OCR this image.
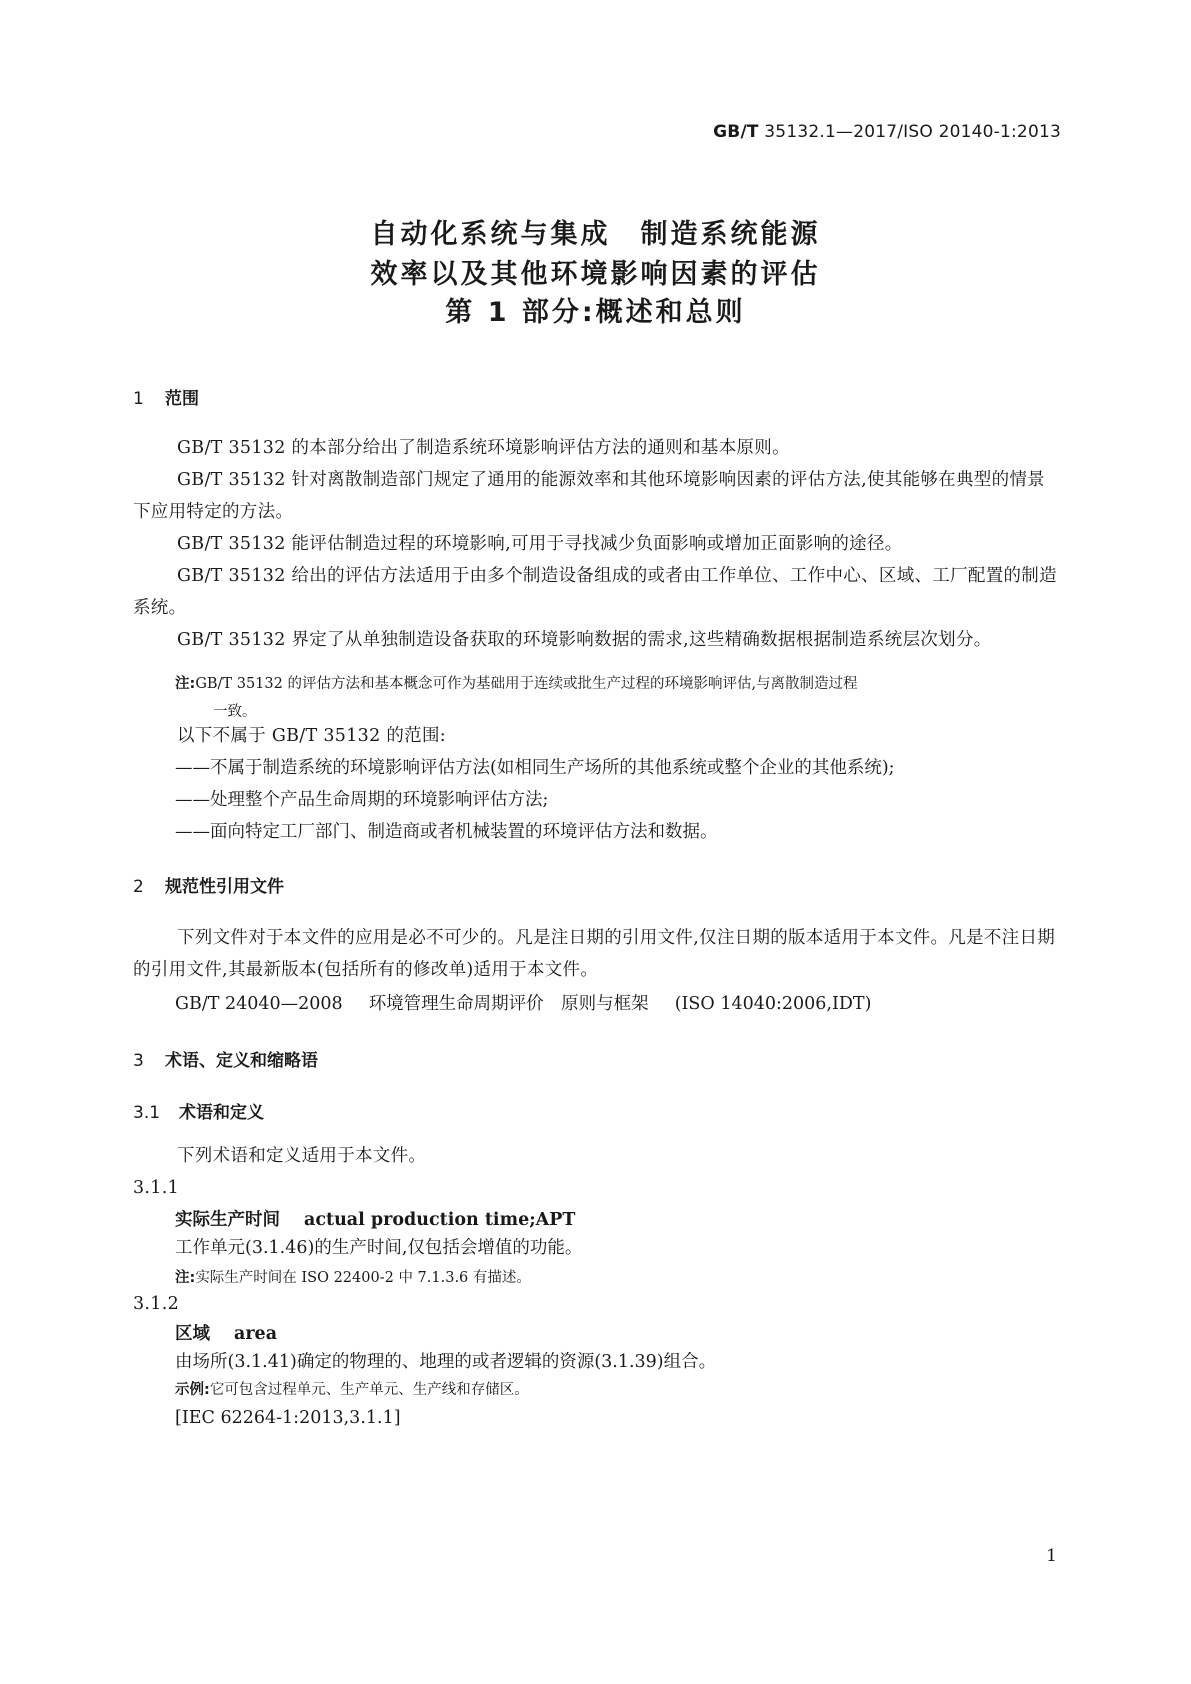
GB/T 35132.1—2017/ISO 20140-1:2013
自动化系统与集成　制造系统能源
效率以及其他环境影响因素的评估
第 1 部分:概述和总则
1 范围
GB/T 35132 的本部分给出了制造系统环境影响评估方法的通则和基本原则。
GB/T 35132 针对离散制造部门规定了通用的能源效率和其他环境影响因素的评估方法,使其能够在典型的情景下应用特定的方法。
GB/T 35132 能评估制造过程的环境影响,可用于寻找减少负面影响或增加正面影响的途径。
GB/T 35132 给出的评估方法适用于由多个制造设备组成的或者由工作单位、工作中心、区域、工厂配置的制造系统。
GB/T 35132 界定了从单独制造设备获取的环境影响数据的需求,这些精确数据根据制造系统层次划分。
注:GB/T 35132 的评估方法和基本概念可作为基础用于连续或批生产过程的环境影响评估,与离散制造过程
一致。
以下不属于 GB/T 35132 的范围:
——不属于制造系统的环境影响评估方法(如相同生产场所的其他系统或整个企业的其他系统);
——处理整个产品生命周期的环境影响评估方法;
——面向特定工厂部门、制造商或者机械装置的环境评估方法和数据。
2 规范性引用文件
下列文件对于本文件的应用是必不可少的。凡是注日期的引用文件,仅注日期的版本适用于本文件。凡是不注日期的引用文件,其最新版本(包括所有的修改单)适用于本文件。
GB/T 24040—2008 环境管理生命周期评价　原则与框架 (ISO 14040:2006,IDT)
3 术语、定义和缩略语
3.1 术语和定义
下列术语和定义适用于本文件。
3.1.1
实际生产时间 actual production time;APT
工作单元(3.1.46)的生产时间,仅包括会增值的功能。
注:实际生产时间在 ISO 22400-2 中 7.1.3.6 有描述。
3.1.2
区域 area
由场所(3.1.41)确定的物理的、地理的或者逻辑的资源(3.1.39)组合。
示例:它可包含过程单元、生产单元、生产线和存储区。
[IEC 62264-1:2013,3.1.1]
1
